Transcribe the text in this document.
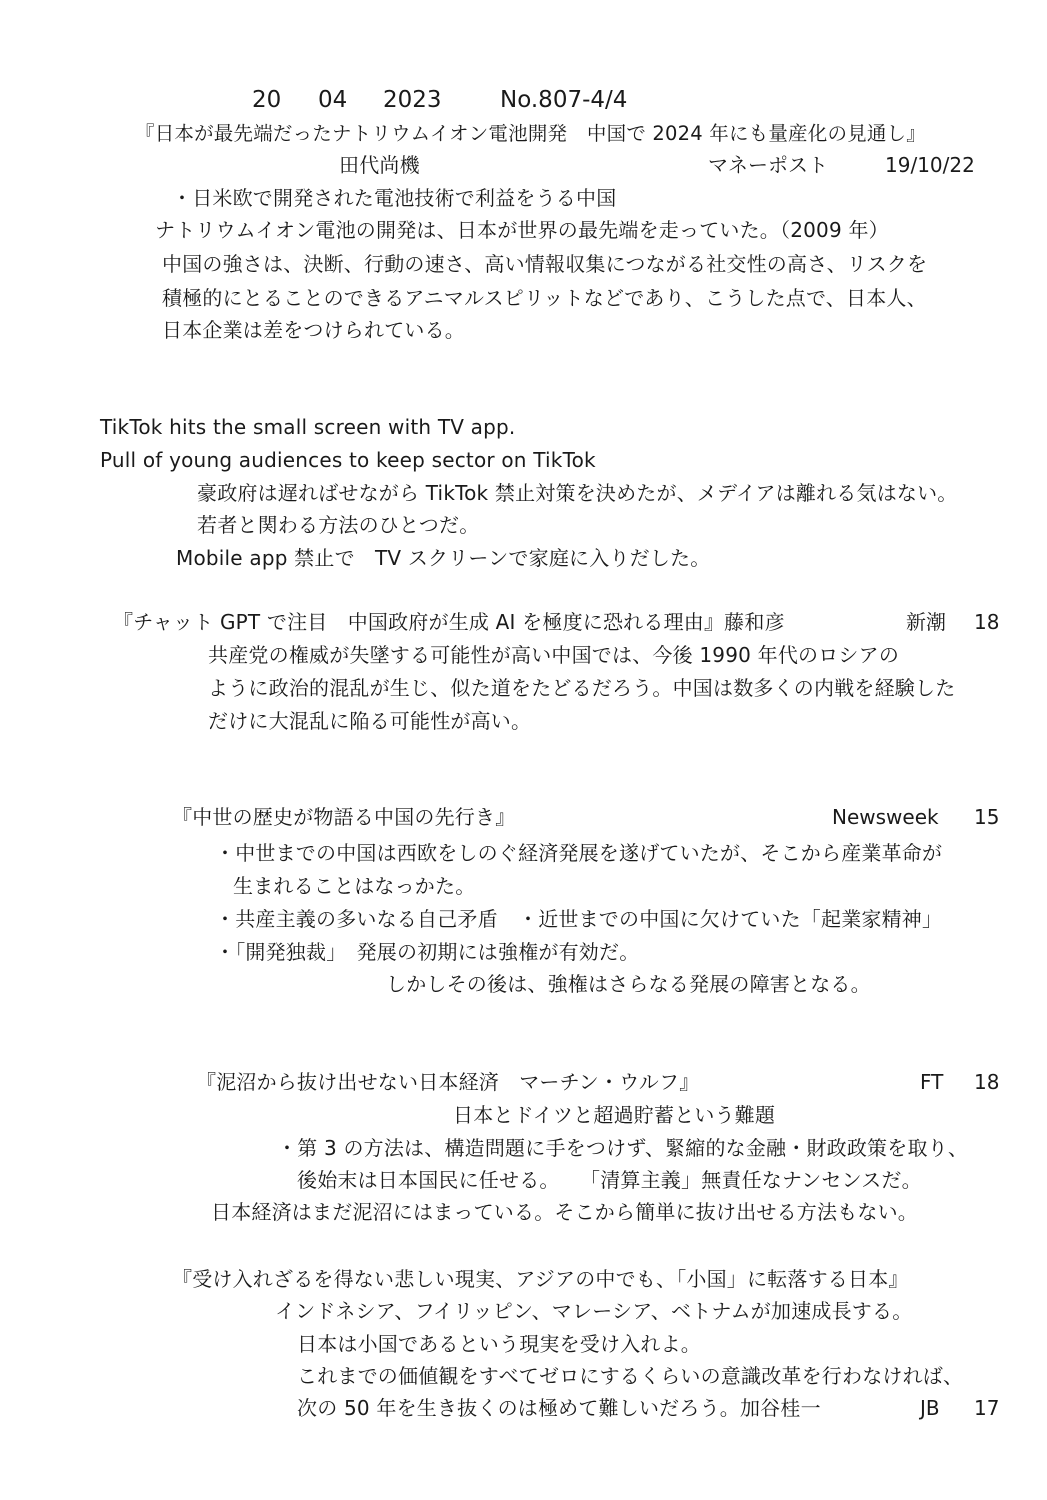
20 04 2023	No.807-4/4
『日本が最先端だったナトリウムイオン電池開発　中国で 2024 年にも量産化の見通し』
田代尚機	マネーポスト	19/10/22
・日米欧で開発された電池技術で利益をうる中国
ナトリウムイオン電池の開発は、日本が世界の最先端を走っていた。（2009 年）
中国の強さは、決断、行動の速さ、高い情報収集につながる社交性の高さ、リスクを
積極的にとることのできるアニマルスピリットなどであり、こうした点で、日本人、
日本企業は差をつけられている。
TikTok hits the small screen with TV app.
Pull of young audiences to keep sector on TikTok
豪政府は遅ればせながら TikTok 禁止対策を決めたが、メデイアは離れる気はない。
若者と関わる方法のひとつだ。
Mobile app 禁止で　TV スクリーンで家庭に入りだした。
『チャット GPT で注目　中国政府が生成 AI を極度に恐れる理由』藤和彦	新潮 18
共産党の権威が失墜する可能性が高い中国では、今後 1990 年代のロシアの
ように政治的混乱が生じ、似た道をたどるだろう。中国は数多くの内戦を経験した
だけに大混乱に陥る可能性が高い。
『中世の歴史が物語る中国の先行き』	Newsweek 15
・中世までの中国は西欧をしのぐ経済発展を遂げていたが、そこから産業革命が
生まれることはなっかた。
・共産主義の多いなる自己矛盾　・近世までの中国に欠けていた「起業家精神」
・「開発独裁」　発展の初期には強権が有効だ。
しかしその後は、強権はさらなる発展の障害となる。
『泥沼から抜け出せない日本経済　マーチン・ウルフ』	FT 18
日本とドイツと超過貯蓄という難題
・第 3 の方法は、構造問題に手をつけず、緊縮的な金融・財政政策を取り、
後始末は日本国民に任せる。　　「清算主義」無責任なナンセンスだ。
日本経済はまだ泥沼にはまっている。そこから簡単に抜け出せる方法もない。
『受け入れざるを得ない悲しい現実、アジアの中でも、「小国」に転落する日本』
インドネシア、フイリッピン、マレーシア、ベトナムが加速成長する。
日本は小国であるという現実を受け入れよ。
これまでの価値観をすべてゼロにするくらいの意識改革を行わなければ、
次の 50 年を生き抜くのは極めて難しいだろう。加谷桂一	JB 17
